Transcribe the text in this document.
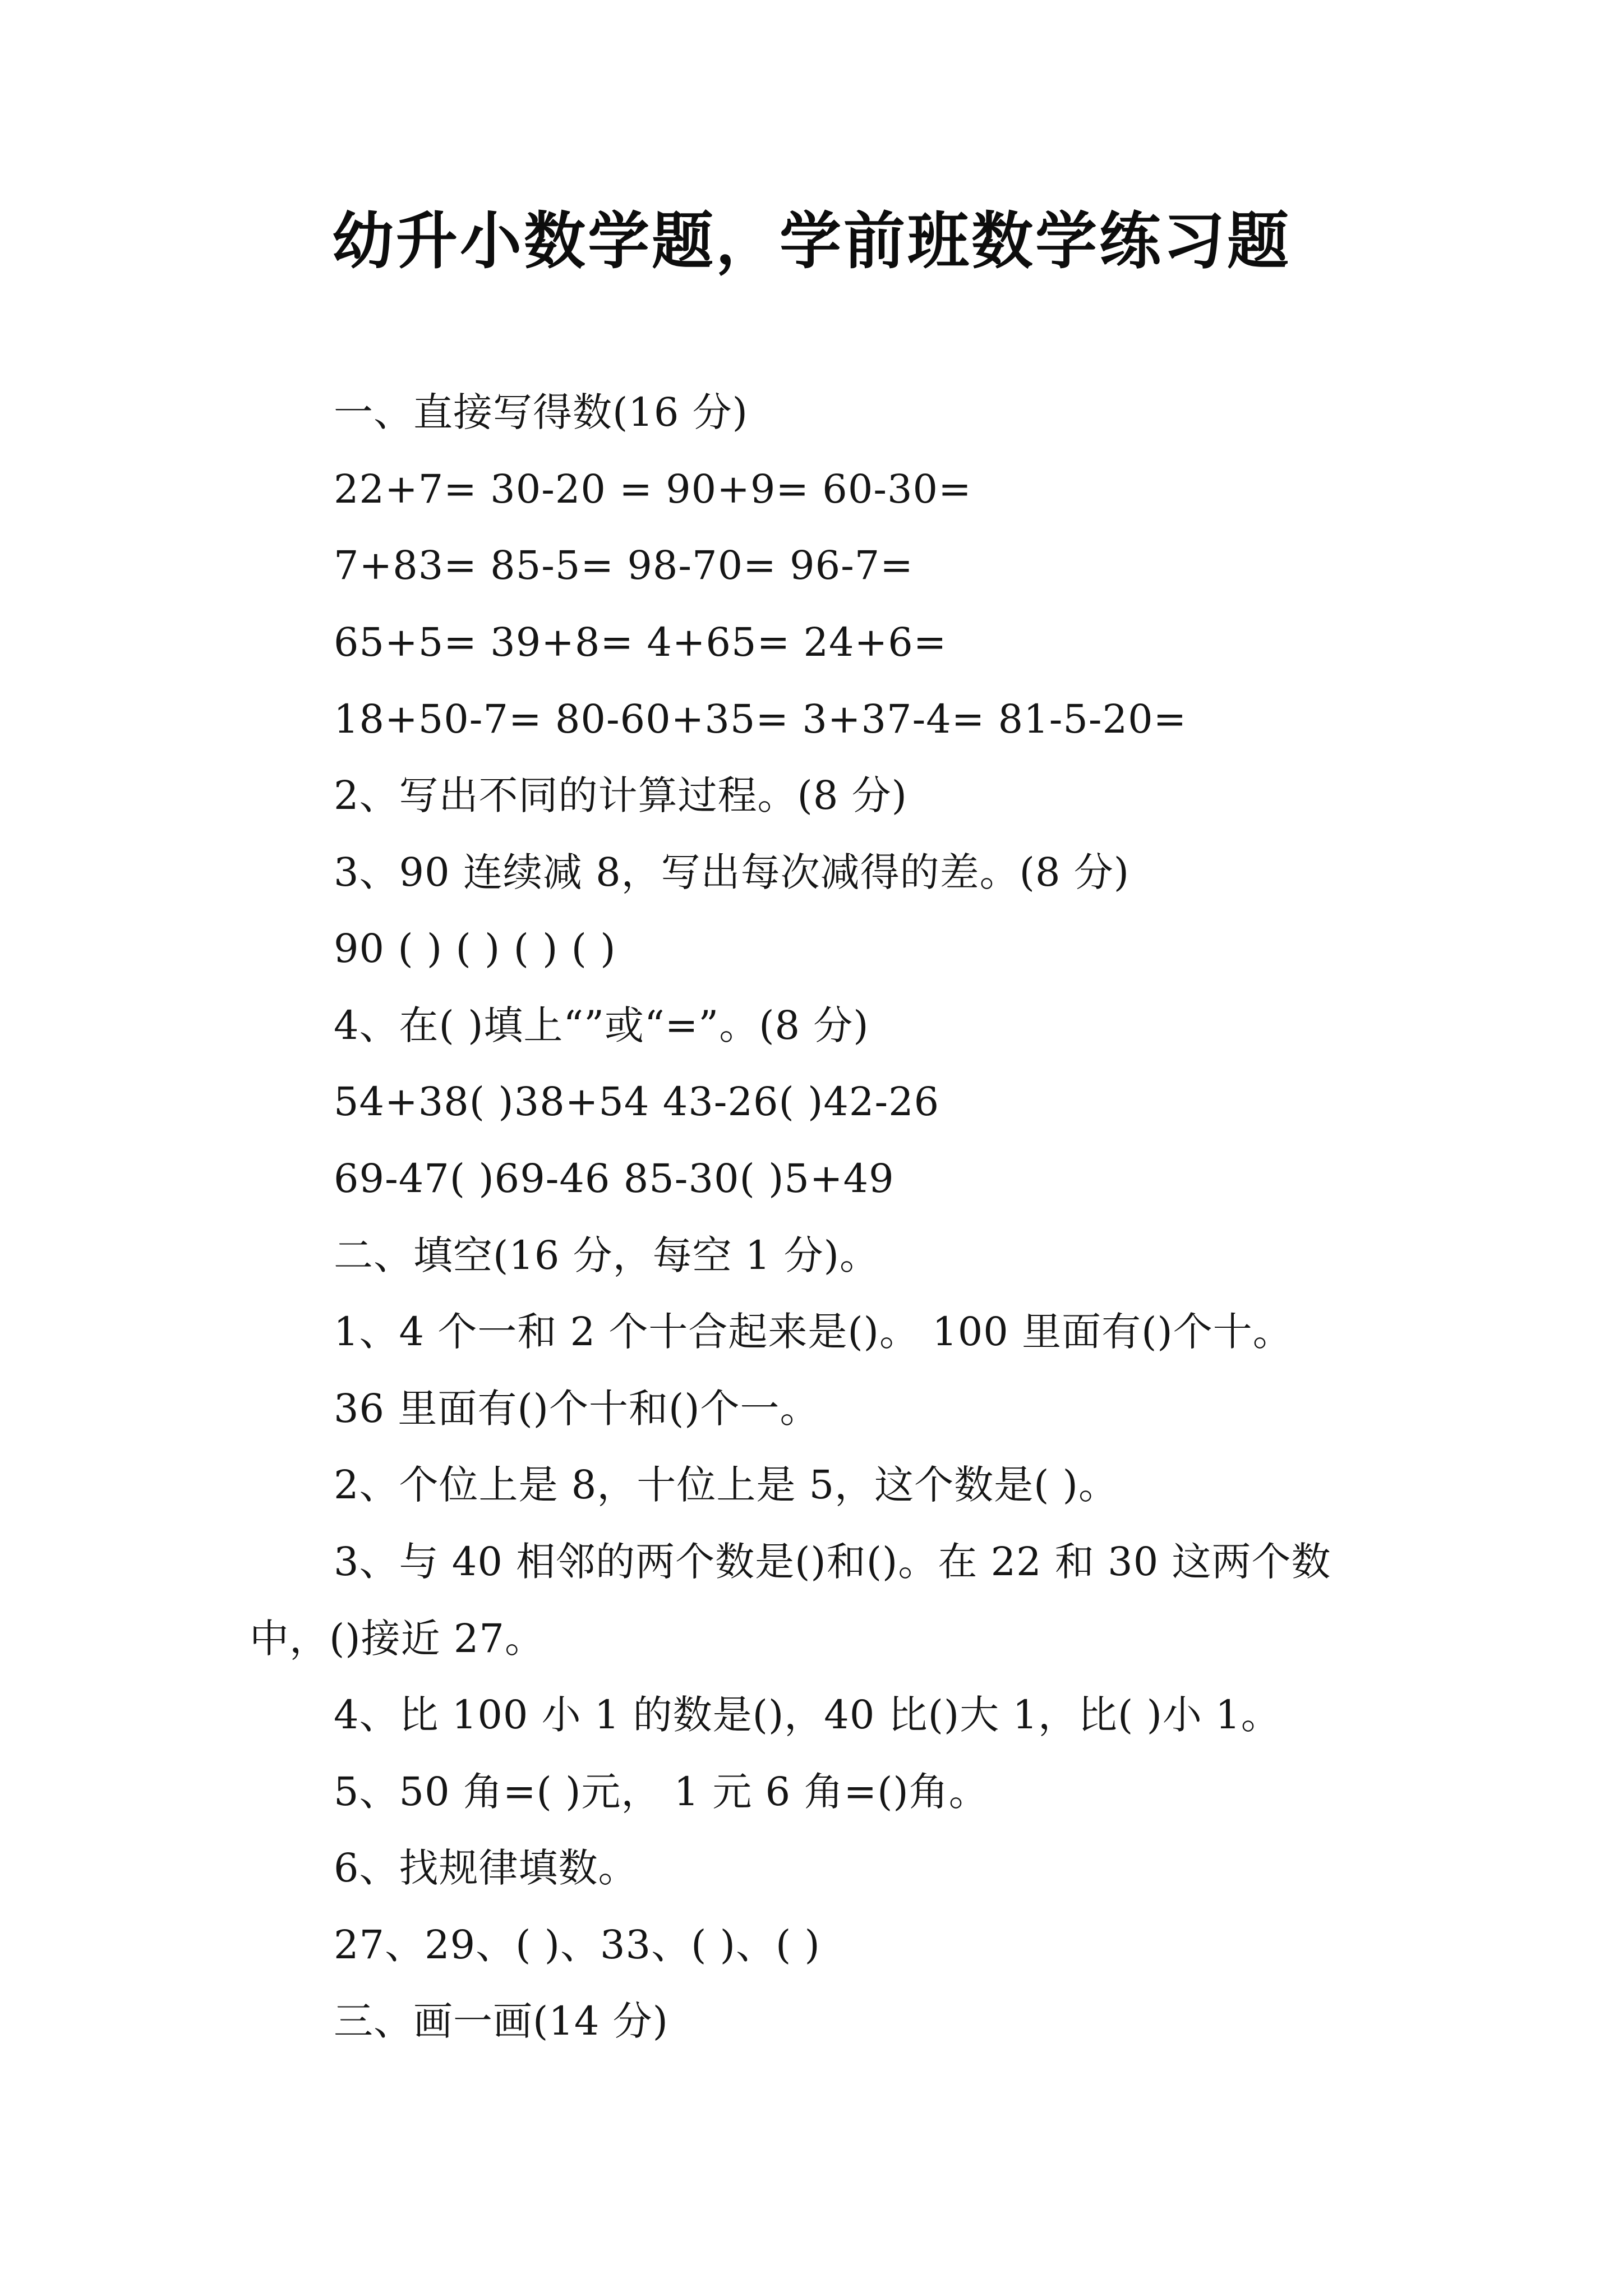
幼升小数学题，学前班数学练习题
一、直接写得数(16 分)
22+7= 30-20 = 90+9= 60-30=
7+83= 85-5= 98-70= 96-7=
65+5= 39+8= 4+65= 24+6=
18+50-7= 80-60+35= 3+37-4= 81-5-20=
2、写出不同的计算过程。(8 分)
3、90 连续减 8，写出每次减得的差。(8 分)
90 ( ) ( ) ( ) ( )
4、在( )填上“”或“=”。(8 分)
54+38( )38+54 43-26( )42-26
69-47( )69-46 85-30( )5+49
二、填空(16 分，每空 1 分)。
1、4 个一和 2 个十合起来是()。 100 里面有()个十。
36 里面有()个十和()个一。
2、个位上是 8，十位上是 5，这个数是( )。
3、与 40 相邻的两个数是()和()。在 22 和 30 这两个数
中，()接近 27。
4、比 100 小 1 的数是()，40 比()大 1，比( )小 1。
5、50 角=( )元， 1 元 6 角=()角。
6、找规律填数。
27、29、( )、33、( )、( )
三、画一画(14 分)
